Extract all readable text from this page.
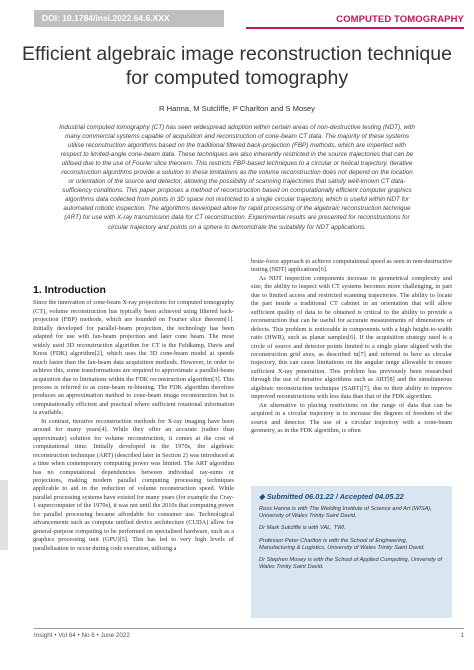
DOI: 10.1784/insi.2022.64.6.XXX	COMPUTED TOMOGRAPHY
Efficient algebraic image reconstruction technique for computed tomography
R Hanna, M Sutcliffe, P Charlton and S Mosey
Industrial computed tomography (CT) has seen widespread adoption within certain areas of non-destructive testing (NDT), with many commercial systems capable of acquisition and reconstruction of cone-beam CT data. The majority of these systems utilise reconstruction algorithms based on the traditional filtered back-projection (FBP) methods, which are imperfect with respect to limited-angle cone-beam data. These techniques are also inherently restricted in the source trajectories that can be utilised due to the use of Fourier slice theorem. This restricts FBP-based techniques to a circular or helical trajectory. Iterative reconstruction algorithms provide a solution to these limitations as the volume reconstruction does not depend on the location or orientation of the source and detector, allowing the possibility of scanning trajectories that satisfy well-known CT data-sufficiency conditions. This paper proposes a method of reconstruction based on computationally efficient computer graphics algorithms data collected from points in 3D space not restricted to a single circular trajectory, which is useful within NDT for automated robotic inspection. The algorithms developed allow for rapid processing of the algebraic reconstruction technique (ART) for use with X-ray transmission data for CT reconstruction. Experimental results are presented for reconstructions for circular trajectory and points on a sphere to demonstrate the suitability for NDT applications.
1. Introduction

Since the innovation of cone-beam X-ray projections for computed tomography (CT), volume reconstruction has typically been achieved using filtered back-projection (FBP) methods, which are founded on Fourier slice theorem[1]. Initially developed for parallel-beam projection, the technology has been adapted for use with fan-beam projection and later cone beam. The most widely used 3D reconstruction algorithm for CT is the Feldkamp, Davis and Kress (FDK) algorithm[2], which uses the 3D cone-beam model at speeds much faster than the fan-beam data acquisition methods. However, in order to achieve this, some transformations are required to approximate a parallel-beam acquisition due to limitations within the FDK reconstruction algorithm[3]. This process is referred to as cone-beam re-binning. The FDK algorithm therefore produces an approximation method to cone-beam image reconstruction but is computationally efficient and practical where sufficient rotational information is available.

In contrast, iterative reconstruction methods for X-ray imaging have been around for many years[4]. While they offer an accurate (rather than approximate) solution for volume reconstruction, it comes at the cost of computational time. Initially developed in the 1970s, the algebraic reconstruction technique (ART) (described later in Section 2) was introduced at a time when contemporary computing power was limited. The ART algorithm has no computational dependencies between individual ray-sums or projections, making modern parallel computing processing techniques applicable to aid in the reduction of volume reconstruction speed. While parallel processing systems have existed for many years (for example the Cray-1 supercomputer of the 1970s), it was not until the 2010s that computing power for parallel processing became affordable for consumer use. Technological advancements such as compute unified device architecture (CUDA) allow for general-purpose computing to be performed on specialised hardware, such as a graphics processing unit (GPU)[5]. This has led to very high levels of parallelisation to occur during code execution, utilising a

brute-force approach to achieve computational speed as seen in non-destructive testing (NDT) applications[6].

As NDT inspection components increase in geometrical complexity and size, the ability to inspect with CT systems becomes more challenging, in part due to limited access and restricted scanning trajectories. The ability to locate the part inside a traditional CT cabinet in an orientation that will allow sufficient quality of data to be obtained is critical to the ability to provide a reconstruction that can be useful for accurate measurements of dimensions or defects. This problem is noticeable in components with a high height-to-width ratio (HWR), such as planar samples[6]. If the acquisition strategy used is a circle of source and detector points limited to a single plane aligned with the reconstruction grid axes, as described in[7] and referred to here as circular trajectory, this can cause limitations on the angular range allowable to ensure sufficient X-ray penetration. This problem has previously been researched through the use of iterative algorithms such as ART[8] and the simultaneous algebraic reconstruction technique (SART)[7], due to their ability to improve improved reconstructions with less data than that of the FDK algorithm.

An alternative to placing restrictions on the range of data that can be acquired in a circular trajectory is to increase the degrees of freedom of the source and detector. The use of a circular trajectory with a cone-beam geometry, as in the FDK algorithm, is often

◆ Submitted 06.01.22 / Accepted 04.05.22
Ross Hanna is with The Welding Institute of Science and Art (WISA), University of Wales Trinity Saint David.
Dr Mark Sutcliffe is with VAL, TWI.
Professor Peter Charlton is with the School of Engineering, Manufacturing & Logistics, University of Wales Trinity Saint David.
Dr Stephen Mosey is with the School of Applied Computing, University of Wales Trinity Saint David.
Insight • Vol 64 • No 6 • June 2022	1
